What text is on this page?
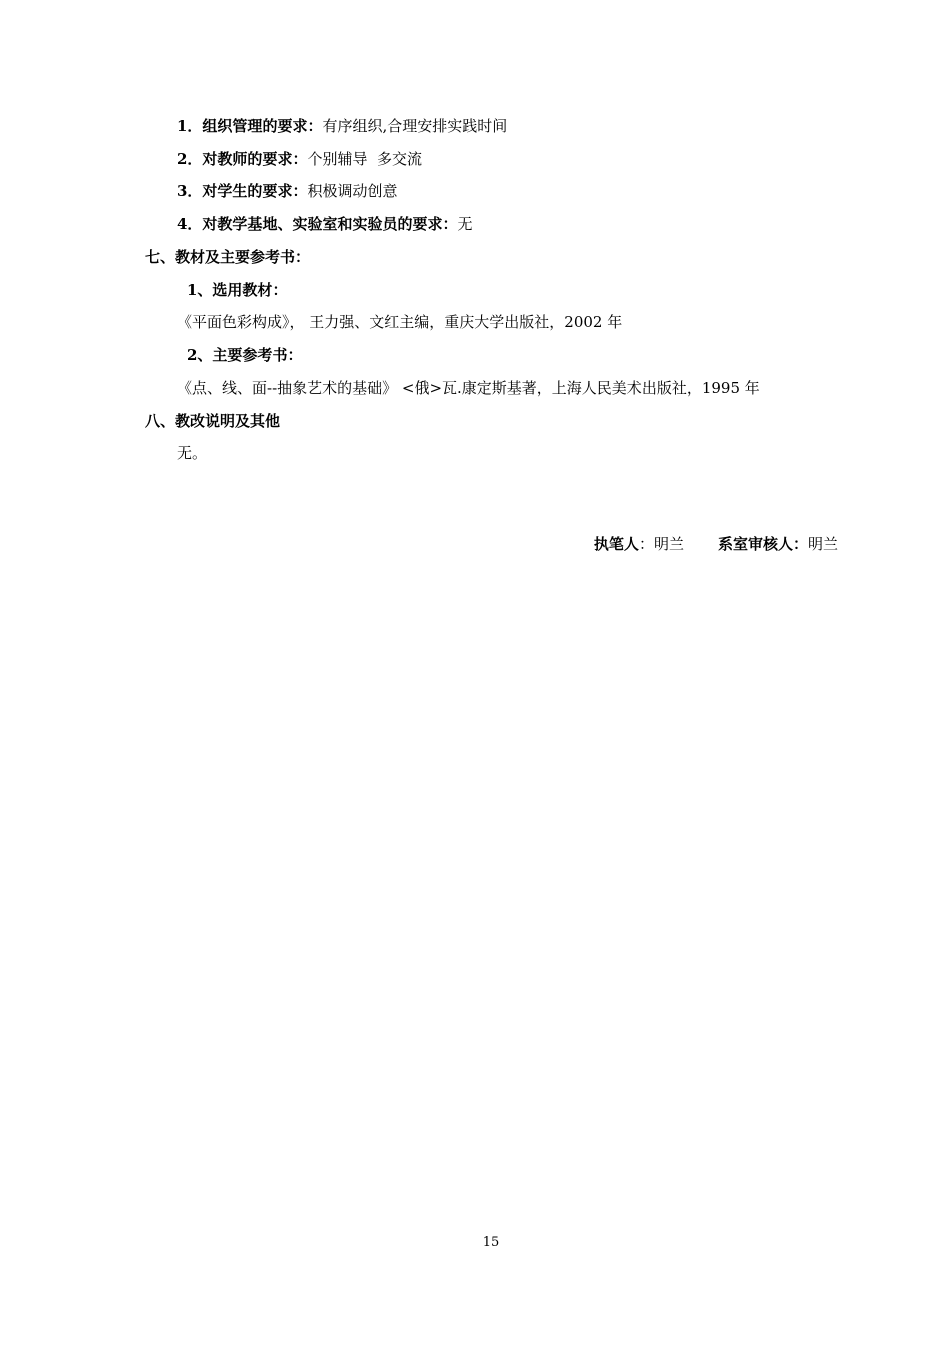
1．组织管理的要求：有序组织,合理安排实践时间
2．对教师的要求：个别辅导  多交流
3．对学生的要求：积极调动创意
4．对教学基地、实验室和实验员的要求：无
七、教材及主要参考书：
1、选用教材：
《平面色彩构成》， 王力强、文红主编，重庆大学出版社，2002 年
2、主要参考书：
《点、线、面--抽象艺术的基础》 <俄>瓦.康定斯基著，上海人民美术出版社，1995 年
八、教改说明及其他
无。
执笔人：明兰 系室审核人：明兰
15
